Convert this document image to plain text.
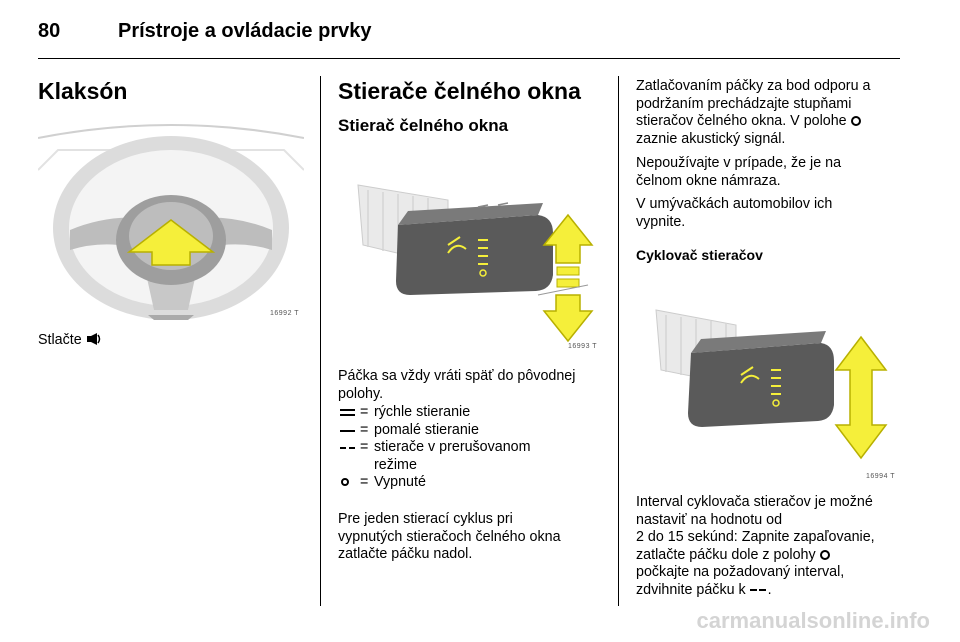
80	Prístroje a ovládacie prvky
Klaksón
16992 T
Stlačte
Stierače čelného okna
Stierač čelného okna
16993 T
Páčka sa vždy vráti späť do pôvodnej
polohy.
= rýchle stieranie
= pomalé stieranie
= stierače v prerušovanom
režime
= Vypnuté
Pre jeden stierací cyklus pri
vypnutých stieračoch čelného okna
zatlačte páčku nadol.
Zatlačovaním páčky za bod odporu a
podržaním prechádzajte stupňami
stieračov čelného okna. V polohe
zaznie akustický signál.
Nepoužívajte v prípade, že je na
čelnom okne námraza.
V umývačkách automobilov ich
vypnite.
Cyklovač stieračov
16994 T
Interval cyklovača stieračov je možné
nastaviť na hodnotu od
2 do 15 sekúnd: Zapnite zapaľovanie,
zatlačte páčku dole z polohy
počkajte na požadovaný interval,
zdvihnite páčku k .
carmanualsonline.info
